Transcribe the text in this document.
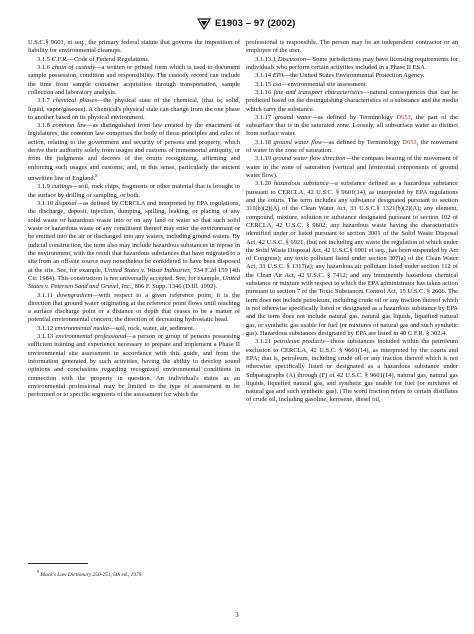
E1903 – 97 (2002)

U.S.C.§ 9601, et seq., the primary federal statute that governs the imposition of liability for environmental cleanups.

3.1.5 C.F.R.—Code of Federal Regulations.

3.1.6 chain of custody—a written or printed form which is used to document sample possession, condition and responsibility. The custody record can include the time from sample container acquisition through transportation, sample collection and laboratory analysis.

3.1.7 chemical phases—the physical state of the chemical, (that is; solid, liquid, vapor/gaseous). A chemical's physical state can change from the one phase to another based on its physical environment.

3.1.8 common law—as distinguished from law created by the enactment of legislatures, the common law comprises the body of those principles and rules of action, relating to the government and security of persons and property, which derive their authority solely from usages and customs of immemorial antiquity, or from the judgments and decrees of the courts recognizing, affirming and enforcing such usages and customs; and, in this sense, particularly the ancient unwritten law of England.$^8$

3.1.9 cuttings—soil, rock chips, fragments or other material that is brought to the surface by drilling or sampling, or both.

3.1.10 disposal—as defined by CERCLA and interpreted by EPA regulations, the discharge, deposit, injection, dumping, spilling, leaking, or placing of any solid waste or hazardous waste into or on any land or water so that such solid waste or hazardous waste or any constituent thereof may enter the environment or be emitted into the air or discharged into any waters, including ground waters. By judicial construction, the term also may include hazardous substances in repose in the environment, with the result that hazardous substances that have migrated to a site from an off-site source may nonetheless be considered to have been disposed at the site. See, for example, United States v. Waste Industries, 734 F.2d 159 (4th Cir. 1984). This construction is not universally accepted. See, for example, United States v. Petersen Sand and Gravel, Inc., 806 F. Supp. 1346 (D.Ill. 1992).

3.1.11 downgradient—with respect to a given reference point, it is the direction that ground water originating at the reference point flows until reaching a surface discharge point or a distance or depth that ceases to be a matter of potential environmental concern; the direction of decreasing hydrostatic head.

3.1.12 environmental media—soil, rock, water, air, sediment.

3.1.13 environmental professional—a person or group of persons possessing sufficient training and experience necessary to prepare and implement a Phase II environmental site assessment in accordance with this guide, and from the information generated by such activities, having the ability to develop sound opinions and conclusions regarding recognized environmental conditions in connection with the property in question. An individual's status as an environmental professional may be limited to the type of assessment to be performed or to specific segments of the assessment for which the

$^8$ Black's Law Dictionary 250-251, 5th ed., 1979.

professional is responsible. The person may be an independent contractor or an employee of the user.

3.1.13.1 Discussion—Some jurisdictions may have licensing requirements for individuals who perform certain activities included in a Phase II ESA.

3.1.14 EPA—the United States Environmental Protection Agency.

3.1.15 esa—environmental site assessment.

3.1.16 fate and transport characteristics—natural consequences that can be predicted based on the distinguishing characteristics of a substance and the media which carry the substance.

3.1.17 ground water—as defined by Terminology D653, the part of the subsurface that is in the saturated zone. Loosely, all subsurface water as distinct from surface water.

3.1.18 ground water flow—as defined by Terminology D653, the movement of water in the zone of saturation.

3.1.19 ground water flow direction—the compass bearing of the movement of water in the zone of saturation (vertical and horizontal components of ground water flow).

3.1.20 hazardous substance—a substance defined as a hazardous substance pursuant to CERCLA, 42 U.S.C. § 9601(14), as interpreted by EPA regulations and the courts. The term includes any substance designated pursuant to section 311(b)(2)(A) of the Clean Water Act, 33 U.S.C.§ 1321(b)(2)(A); any element, compound, mixture, solution or substance designated pursuant to section 102 of CERCLA, 42 U.S.C. § 9602; any hazardous waste having the characteristics identified under or listed pursuant to section 3001 of the Solid Waste Disposal Act, 42 U.S.C. § 6921, (but not including any waste the regulation of which under the Solid Waste Disposal Act, 42 U.S.C.§ 6901 et seq., has been suspended by Act of Congress); any toxic pollutant listed under section 307(a) of the Clean Water Act, 33 U.S.C. § 1317(a); any hazardous air pollutant listed under section 112 of the Clean Air Act, 42 U.S.C. § 7412; and any imminently hazardous chemical substance or mixture with respect to which the EPA administrator has taken action pursuant to section 7 of the Toxic Substances Control Act, 15 U.S.C. § 2606. The term does not include petroleum, including crude oil or any fraction thereof which is not otherwise specifically listed or designated as a hazardous substance by EPA and the term does not include natural gas, natural gas liquids, liquefied natural gas, or synthetic gas usable for fuel (or mixtures of natural gas and such synthetic gas). Hazardous substances designated by EPA are listed in 40 C.F.R. § 302.4.

3.1.21 petroleum products—those substances included within the petroleum exclusion to CERCLA, 42 U.S.C. § 9601(14), as interpreted by the courts and EPA; that is, petroleum, including crude oil or any fraction thereof which is not otherwise specifically listed or designated as a hazardous substance under Subparagraphs (A) through (F) of 42 U.S.C. § 9601(14), natural gas, natural gas liquids, liquefied natural gas, and synthetic gas usable for fuel (or mixtures of natural gas and such synthetic gas). (The word fraction refers to certain distillates of crude oil, including gasoline, kerosene, diesel oil,

3
